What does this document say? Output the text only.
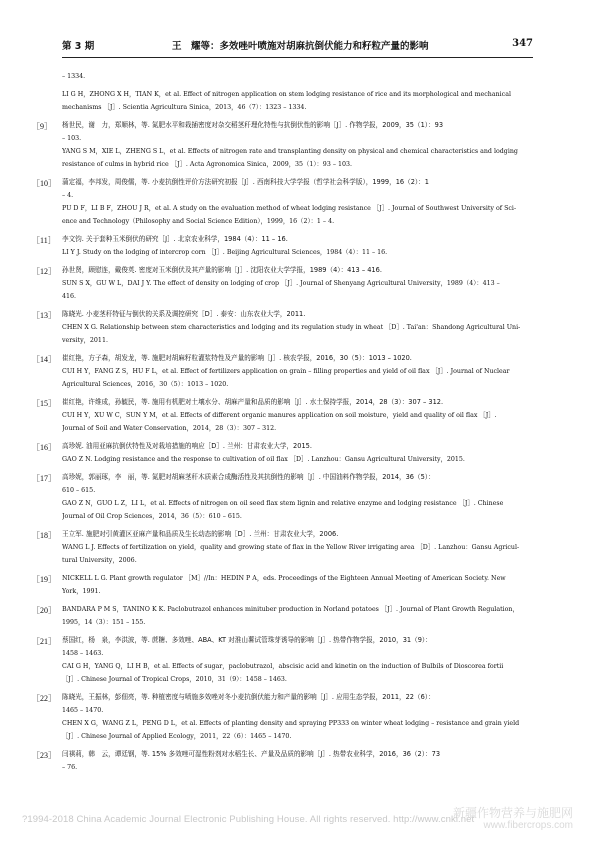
第 3 期	王　耀等：多效唑叶喷施对胡麻抗倒伏能力和籽粒产量的影响	347
– 1334.
LI G H，ZHONG X H，TIAN K，et al. Effect of nitrogen application on stem lodging resistance of rice and its morphological and mechanical
mechanisms ［J］. Scientia Agricultura Sinica，2013，46（7）：1323 – 1334.
［9］ 杨世民，谢　力，郑顺林，等. 氮肥水平和栽插密度对杂交稻茎秆理化特性与抗倒伏性的影响［J］. 作物学报，2009，35（1）：93
– 103.
YANG S M，XIE L，ZHENG S L，et al. Effects of nitrogen rate and transplanting density on physical and chemical characteristics and lodging
resistance of culms in hybrid rice ［J］. Acta Agronomica Sinica，2009，35（1）：93 – 103.
［10］ 蒲定福，李邦发，周俊儒，等. 小麦抗倒性评价方法研究初报［J］. 西南科技大学学报（哲学社会科学版），1999，16（2）：1
– 4.
PU D F，LI B F，ZHOU J R，et al. A study on the evaluation method of wheat lodging resistance ［J］. Journal of Southwest University of Sci-
ence and Technology（Philosophy and Social Science Edition），1999，16（2）：1 – 4.
［11］ 李文钧. 关于套种玉米倒伏的研究［J］. 北京农业科学，1984（4）：11 – 16.
LI Y J. Study on the lodging of intercrop corn ［J］. Beijing Agricultural Sciences，1984（4）：11 – 16.
［12］ 孙世贤，顾慰连，戴俊英. 密度对玉米倒伏及其产量的影响［J］. 沈阳农业大学学报，1989（4）：413 – 416.
SUN S X，GU W L，DAI J Y. The effect of density on lodging of crop ［J］. Journal of Shenyang Agricultural University，1989（4）：413 –
416.
［13］ 陈晓光. 小麦茎秆特征与倒伏的关系及调控研究［D］. 泰安：山东农业大学，2011.
CHEN X G. Relationship between stem characteristics and lodging and its regulation study in wheat ［D］. Tai'an：Shandong Agricultural Uni-
versity，2011.
［14］ 崔红艳，方子森，胡发龙，等. 施肥对胡麻籽粒灌浆特性及产量的影响［J］. 核农学报，2016，30（5）：1013 – 1020.
CUI H Y，FANG Z S，HU F L，et al. Effect of fertilizers application on grain – filling properties and yield of oil flax ［J］. Journal of Nuclear
Agricultural Sciences，2016，30（5）：1013 – 1020.
［15］ 崔红艳，许维成，孙毓民，等. 施用有机肥对土壤水分、胡麻产量和品质的影响［J］. 水土保持学报，2014，28（3）：307 – 312.
CUI H Y，XU W C，SUN Y M，et al. Effects of different organic manures application on soil moisture，yield and quality of oil flax ［J］.
Journal of Soil and Water Conservation，2014，28（3）：307 – 312.
［16］ 高珍妮. 油用亚麻抗倒伏特性及对栽培措施的响应［D］. 兰州：甘肃农业大学，2015.
GAO Z N. Lodging resistance and the response to cultivation of oil flax ［D］. Lanzhou：Gansu Agricultural University，2015.
［17］ 高珍妮，郭丽琢，李　丽，等. 氮肥对胡麻茎秆木质素合成酶活性及其抗倒性的影响［J］. 中国油料作物学报，2014，36（5）：
610 – 615.
GAO Z N，GUO L Z，LI L，et al. Effects of nitrogen on oil seed flax stem lignin and relative enzyme and lodging resistance ［J］. Chinese
Journal of Oil Crop Sciences，2014，36（5）：610 – 615.
［18］ 王立军. 施肥对引黄灌区亚麻产量和品质及生长动态的影响［D］. 兰州：甘肃农业大学，2006.
WANG L J. Effects of fertilization on yield，quality and growing state of flax in the Yellow River irrigating area ［D］. Lanzhou：Gansu Agricul-
tural University，2006.
［19］ NICKELL L G. Plant growth regulator ［M］//In：HEDIN P A，eds. Proceedings of the Eighteen Annual Meeting of American Society. New
York，1991.
［20］ BANDARA P M S，TANINO K K. Paclobutrazol enhances minituber production in Norland potatoes ［J］. Journal of Plant Growth Regulation，
1995，14（3）：151 – 155.
［21］ 蔡国红，杨　泉，李洪波，等. 蔗糖、多效唑、ABA、KT 对淮山薯试管珠芽诱导的影响［J］. 热带作物学报，2010，31（9）：
1458 – 1463.
CAI G H，YANG Q，LI H B，et al. Effects of sugar，paclobutrazol，abscisic acid and kinetin on the induction of Bulbils of Dioscorea fortii
［J］. Chinese Journal of Tropical Crops，2010，31（9）：1458 – 1463.
［22］ 陈晓光，王振林，彭佃亮，等. 种植密度与喷施多效唑对冬小麦抗倒伏能力和产量的影响［J］. 应用生态学报，2011，22（6）：
1465 – 1470.
CHEN X G，WANG Z L，PENG D L，et al. Effects of planting density and spraying PP333 on winter wheat lodging – resistance and grain yield
［J］. Chinese Journal of Applied Ecology，2011，22（6）：1465 – 1470.
［23］ 闫祺莉，韩　云，谭廷钢，等. 15% 多效唑可湿性粉剂对水稻生长、产量及品质的影响［J］. 热带农业科学，2016，36（2）：73
– 76.
?1994-2018 China Academic Journal Electronic Publishing House. All rights reserved. http://www.cnki.net
新疆作物营养与施肥网
www.fibercrops.com
